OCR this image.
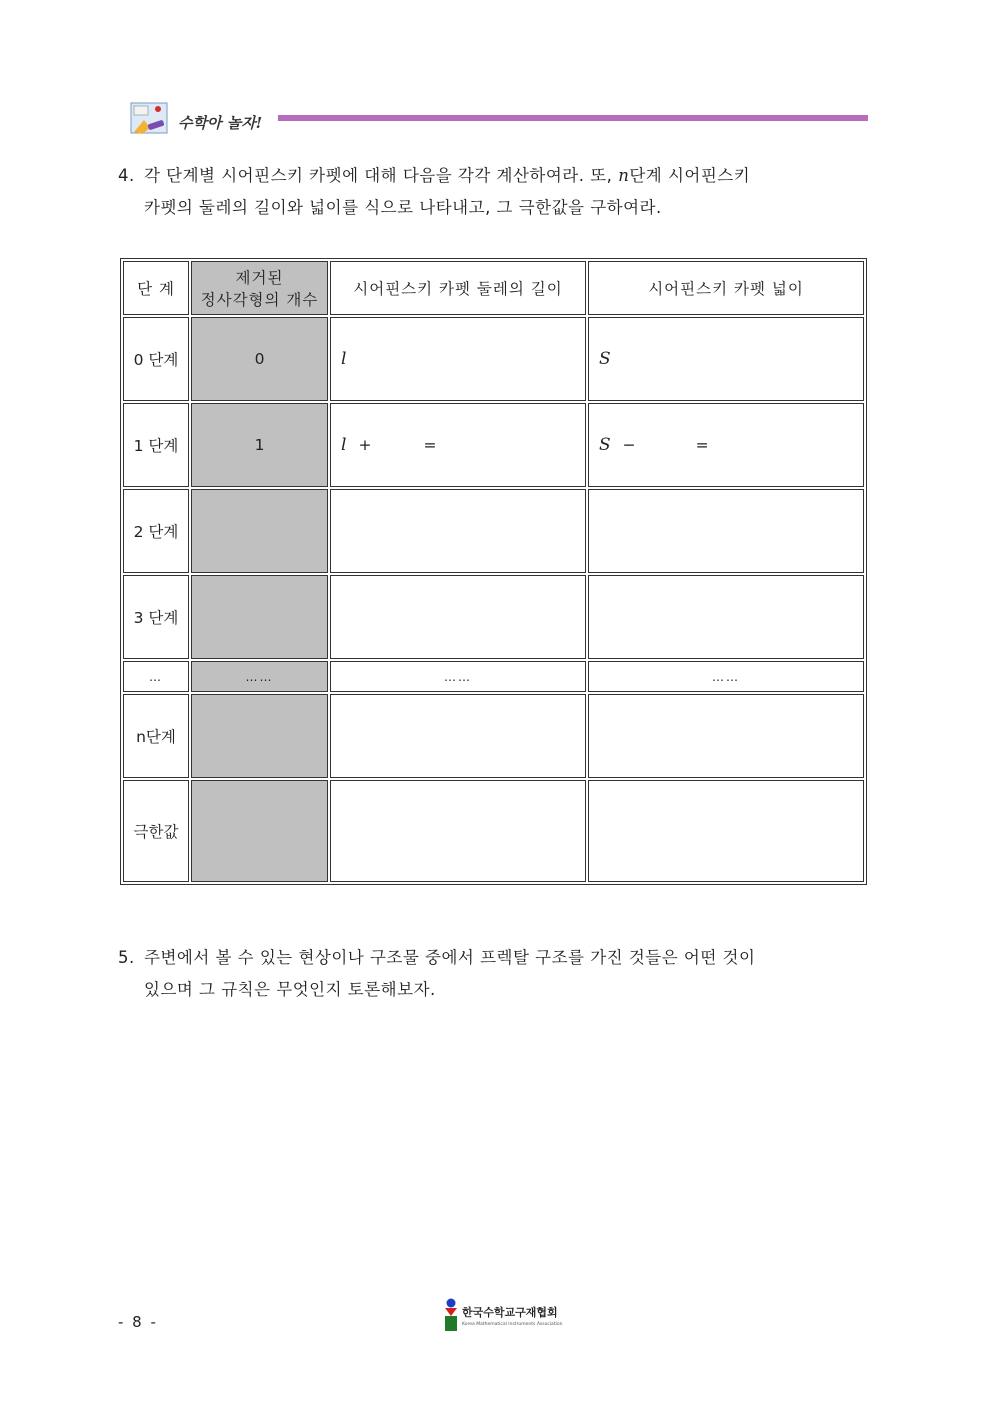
수학아 놀자!
4. 각 단계별 시어핀스키 카펫에 대해 다음을 각각 계산하여라. 또, n단계 시어핀스키
카펫의 둘레의 길이와 넓이를 식으로 나타내고, 그 극한값을 구하여라.
단 계	제거된
정사각형의 개수	시어핀스키 카펫 둘레의 길이	시어핀스키 카펫 넓이
0 단계	0	l	S
1 단계	1	l + =	S − =
2 단계			
3 단계			
…	……	……	……
n단계			
극한값			
5. 주변에서 볼 수 있는 현상이나 구조물 중에서 프렉탈 구조를 가진 것들은 어떤 것이
있으며 그 규칙은 무엇인지 토론해보자.
- 8 -
한국수학교구재협회
Korea Mathematical Instruments Association
